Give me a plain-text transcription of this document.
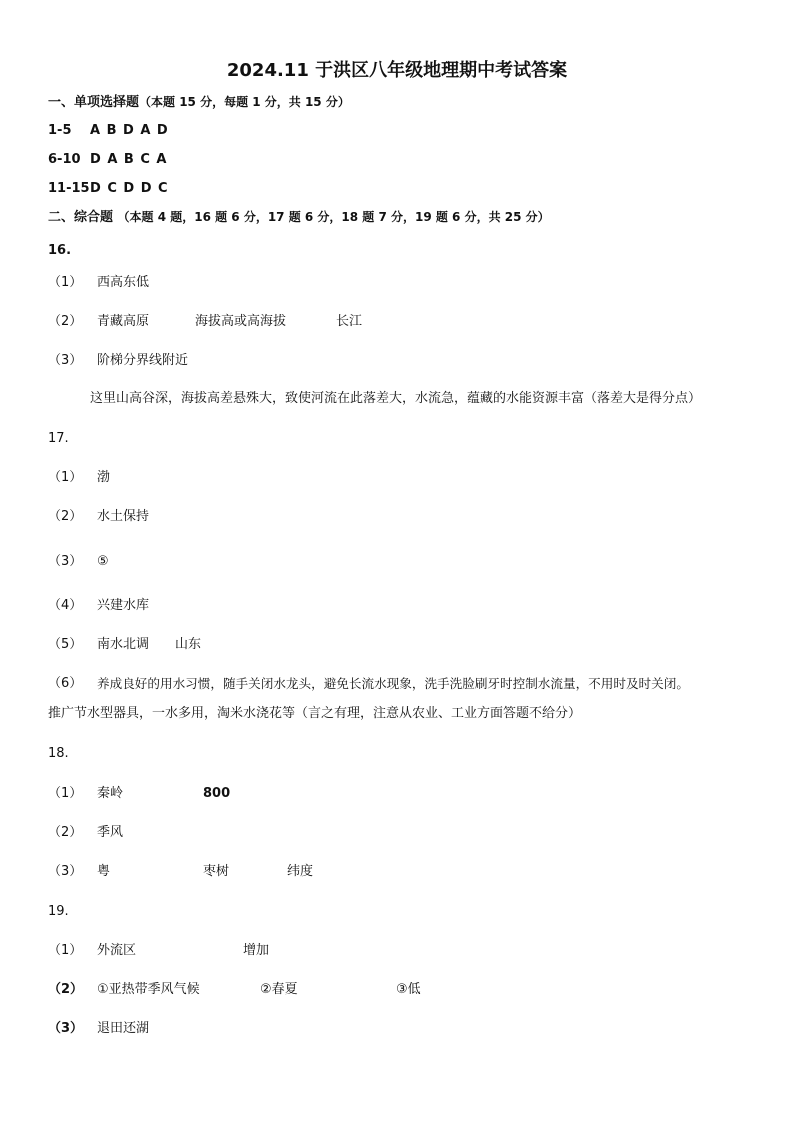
2024.11 于洪区八年级地理期中考试答案
一、单项选择题（本题 15 分，每题 1 分，共 15 分）
1-5 A B D A D
6-10 D A B C A
11-15 D C D D C
二、综合题 （本题 4 题，16 题 6 分，17 题 6 分，18 题 7 分，19 题 6 分，共 25 分）
16.
（1） 西高东低
（2） 青藏高原	海拔高或高海拔	长江
（3） 阶梯分界线附近
这里山高谷深，海拔高差悬殊大，致使河流在此落差大，水流急，蕴藏的水能资源丰富（落差大是得分点）
17.
（1） 渤
（2） 水土保持
（3） ⑤
（4） 兴建水库
（5） 南水北调 山东
（6） 养成良好的用水习惯，随手关闭水龙头，避免长流水现象，洗手洗脸刷牙时控制水流量，不用时及时关闭。
推广节水型器具，一水多用，淘米水浇花等（言之有理，注意从农业、工业方面答题不给分）
18.
（1） 秦岭	800
（2） 季风
（3） 粤	枣树	纬度
19.
（1） 外流区	增加
（2） ①亚热带季风气候	②春夏	③低
（3） 退田还湖
